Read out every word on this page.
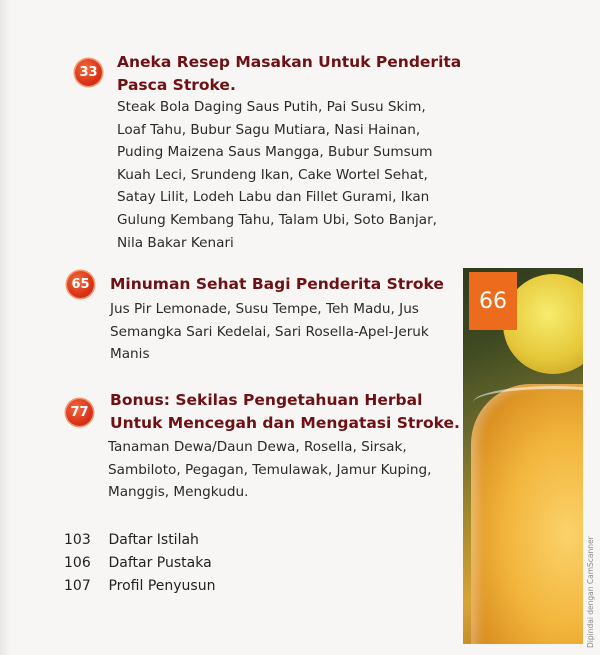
33
Aneka Resep Masakan Untuk Penderita
Pasca Stroke.
Steak Bola Daging Saus Putih, Pai Susu Skim,
Loaf Tahu, Bubur Sagu Mutiara, Nasi Hainan,
Puding Maizena Saus Mangga, Bubur Sumsum
Kuah Leci, Srundeng Ikan, Cake Wortel Sehat,
Satay Lilit, Lodeh Labu dan Fillet Gurami, Ikan
Gulung Kembang Tahu, Talam Ubi, Soto Banjar,
Nila Bakar Kenari
65 Minuman Sehat Bagi Penderita Stroke
Jus Pir Lemonade, Susu Tempe, Teh Madu, Jus
Semangka Sari Kedelai, Sari Rosella-Apel-Jeruk
Manis
77
Bonus: Sekilas Pengetahuan Herbal
Untuk Mencegah dan Mengatasi Stroke.
Tanaman Dewa/Daun Dewa, Rosella, Sirsak,
Sambiloto, Pegagan, Temulawak, Jamur Kuping,
Manggis, Mengkudu.
103 Daftar Istilah
106 Daftar Pustaka
107 Profil Penyusun
66
Dipindai dengan CamScanner
